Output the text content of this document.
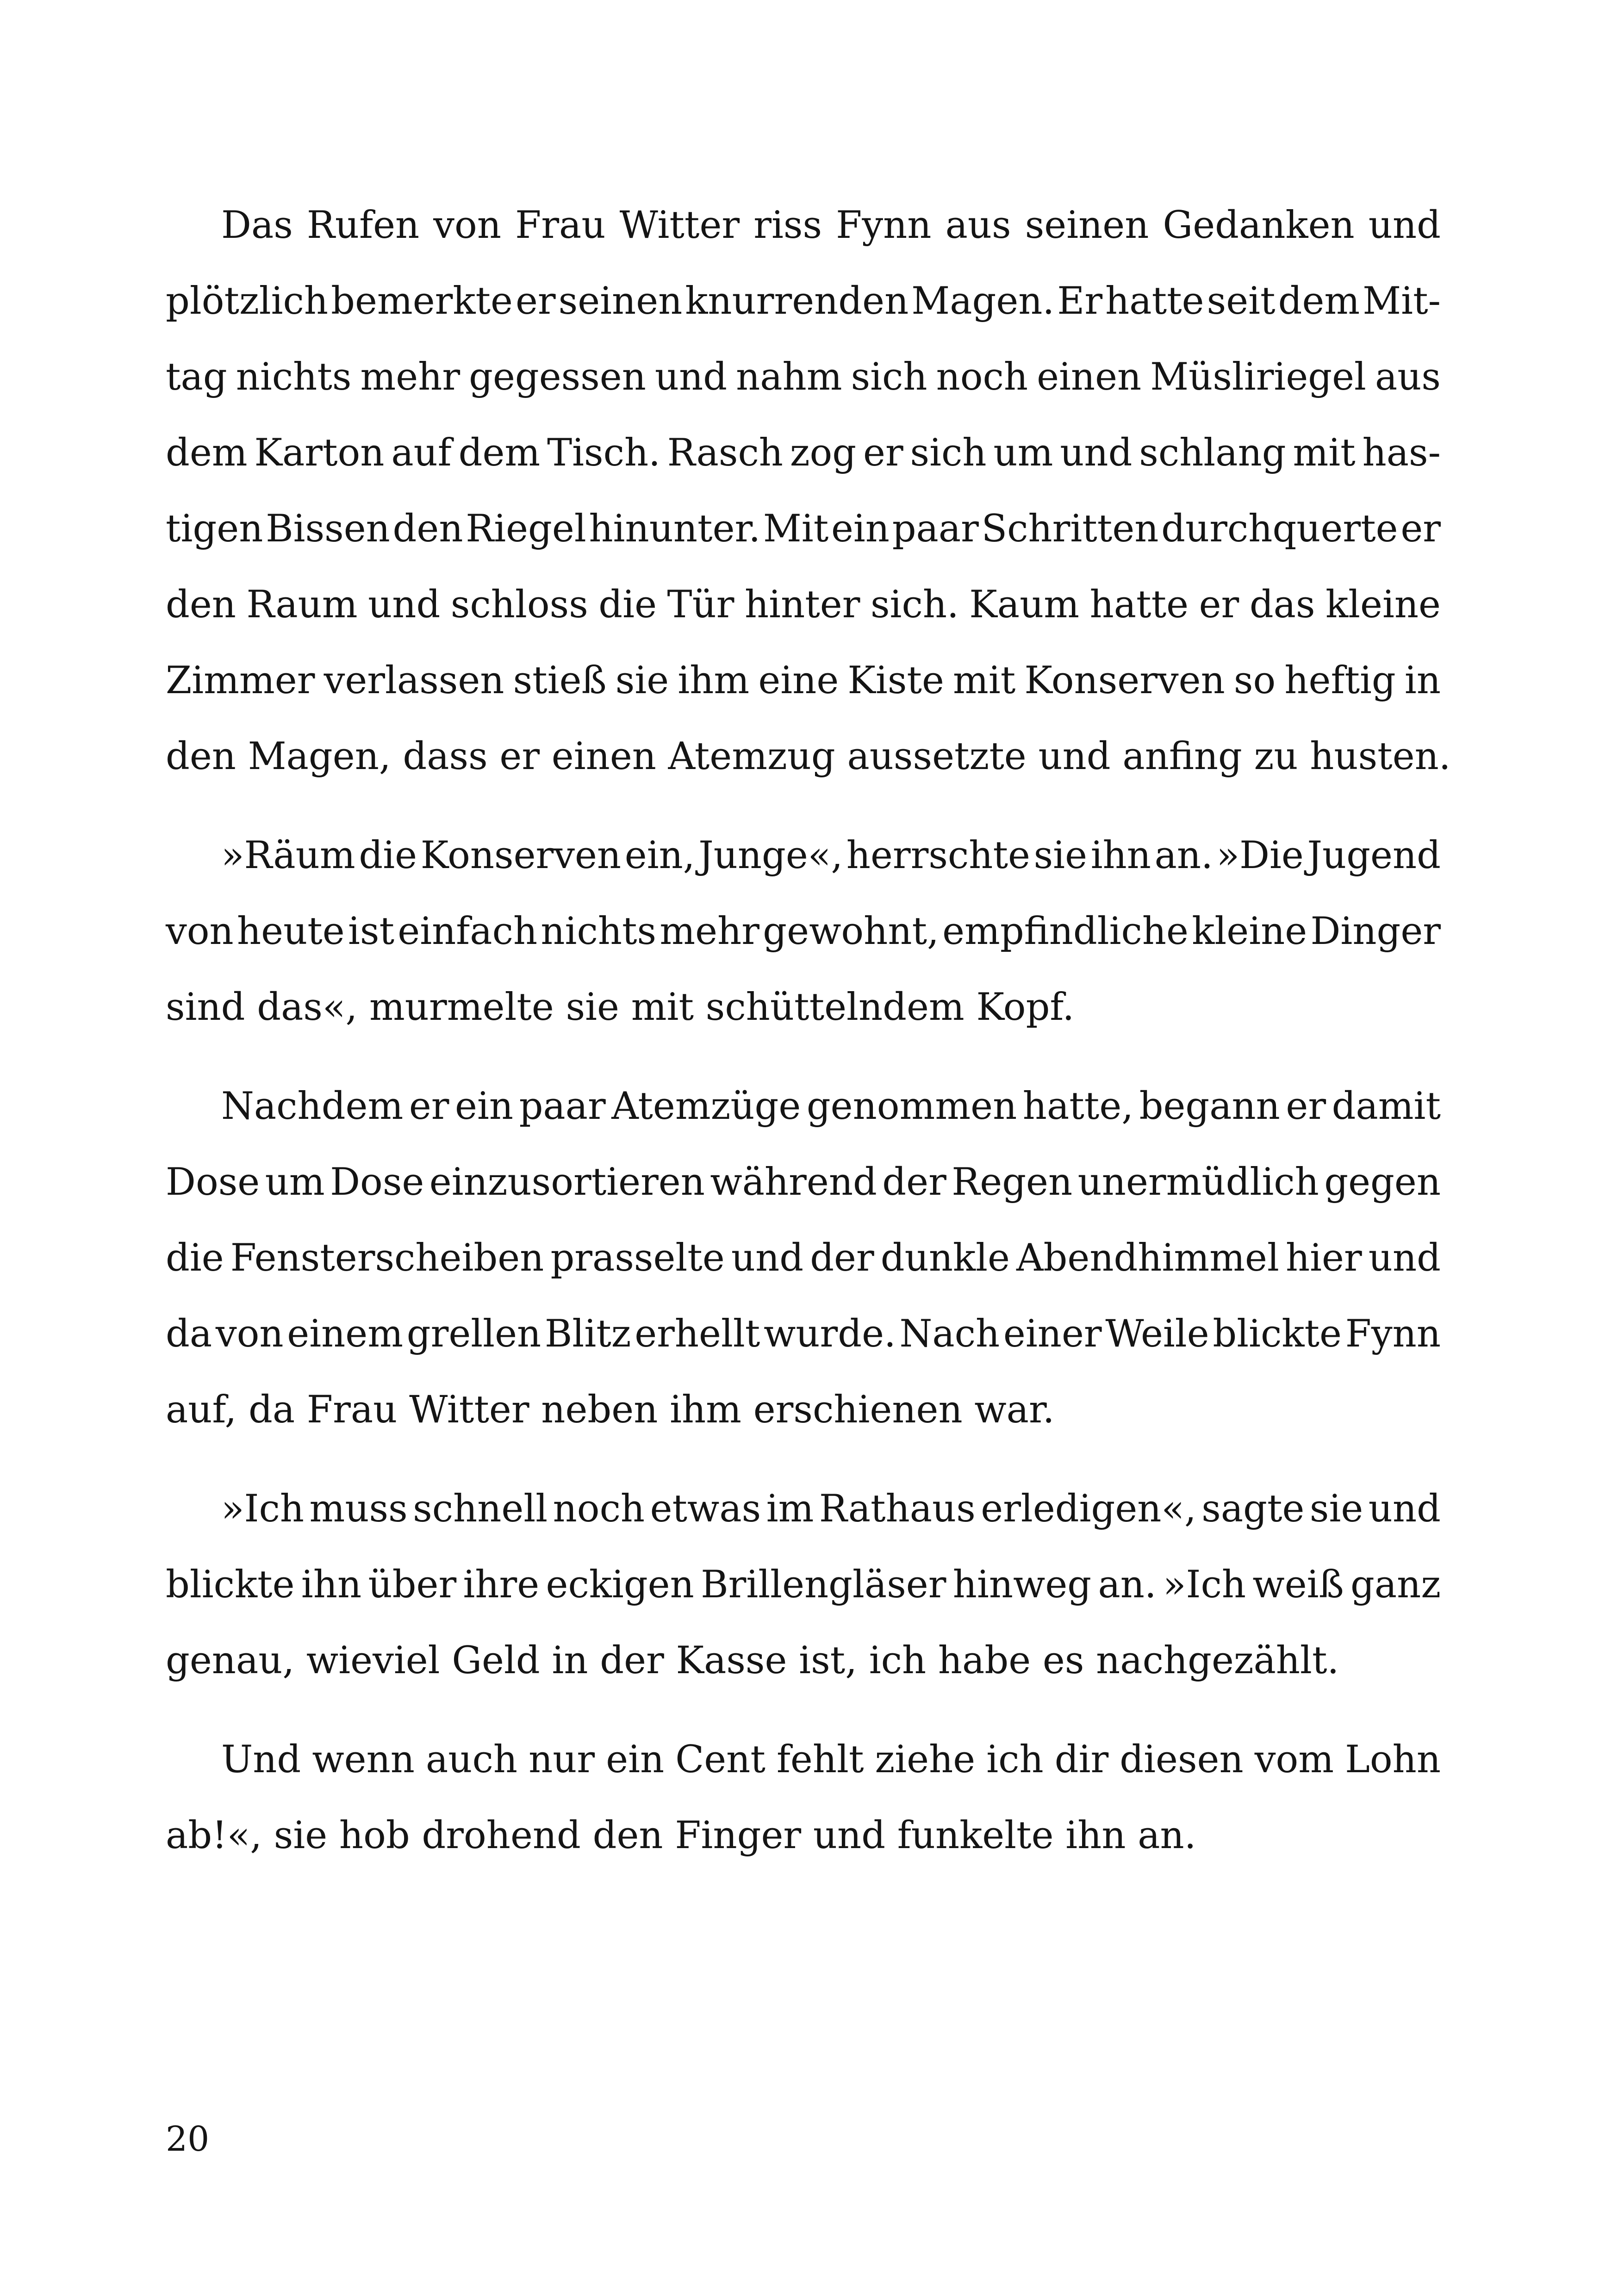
Das Rufen von Frau Witter riss Fynn aus seinen Gedanken und
plötzlich bemerkte er seinen knurrenden Magen. Er hatte seit dem Mit-
tag nichts mehr gegessen und nahm sich noch einen Müsliriegel aus
dem Karton auf dem Tisch. Rasch zog er sich um und schlang mit has-
tigen Bissen den Riegel hinunter. Mit ein paar Schritten durchquerte er
den Raum und schloss die Tür hinter sich. Kaum hatte er das kleine
Zimmer verlassen stieß sie ihm eine Kiste mit Konserven so heftig in
den Magen, dass er einen Atemzug aussetzte und anfing zu husten.

»Räum die Konserven ein, Junge«, herrschte sie ihn an. »Die Jugend
von heute ist einfach nichts mehr gewohnt, empfindliche kleine Dinger
sind das«, murmelte sie mit schüttelndem Kopf.

Nachdem er ein paar Atemzüge genommen hatte, begann er damit
Dose um Dose einzusortieren während der Regen unermüdlich gegen
die Fensterscheiben prasselte und der dunkle Abendhimmel hier und
da von einem grellen Blitz erhellt wurde. Nach einer Weile blickte Fynn
auf, da Frau Witter neben ihm erschienen war.

»Ich muss schnell noch etwas im Rathaus erledigen«, sagte sie und
blickte ihn über ihre eckigen Brillengläser hinweg an. »Ich weiß ganz
genau, wieviel Geld in der Kasse ist, ich habe es nachgezählt.

Und wenn auch nur ein Cent fehlt ziehe ich dir diesen vom Lohn
ab!«, sie hob drohend den Finger und funkelte ihn an.

20
